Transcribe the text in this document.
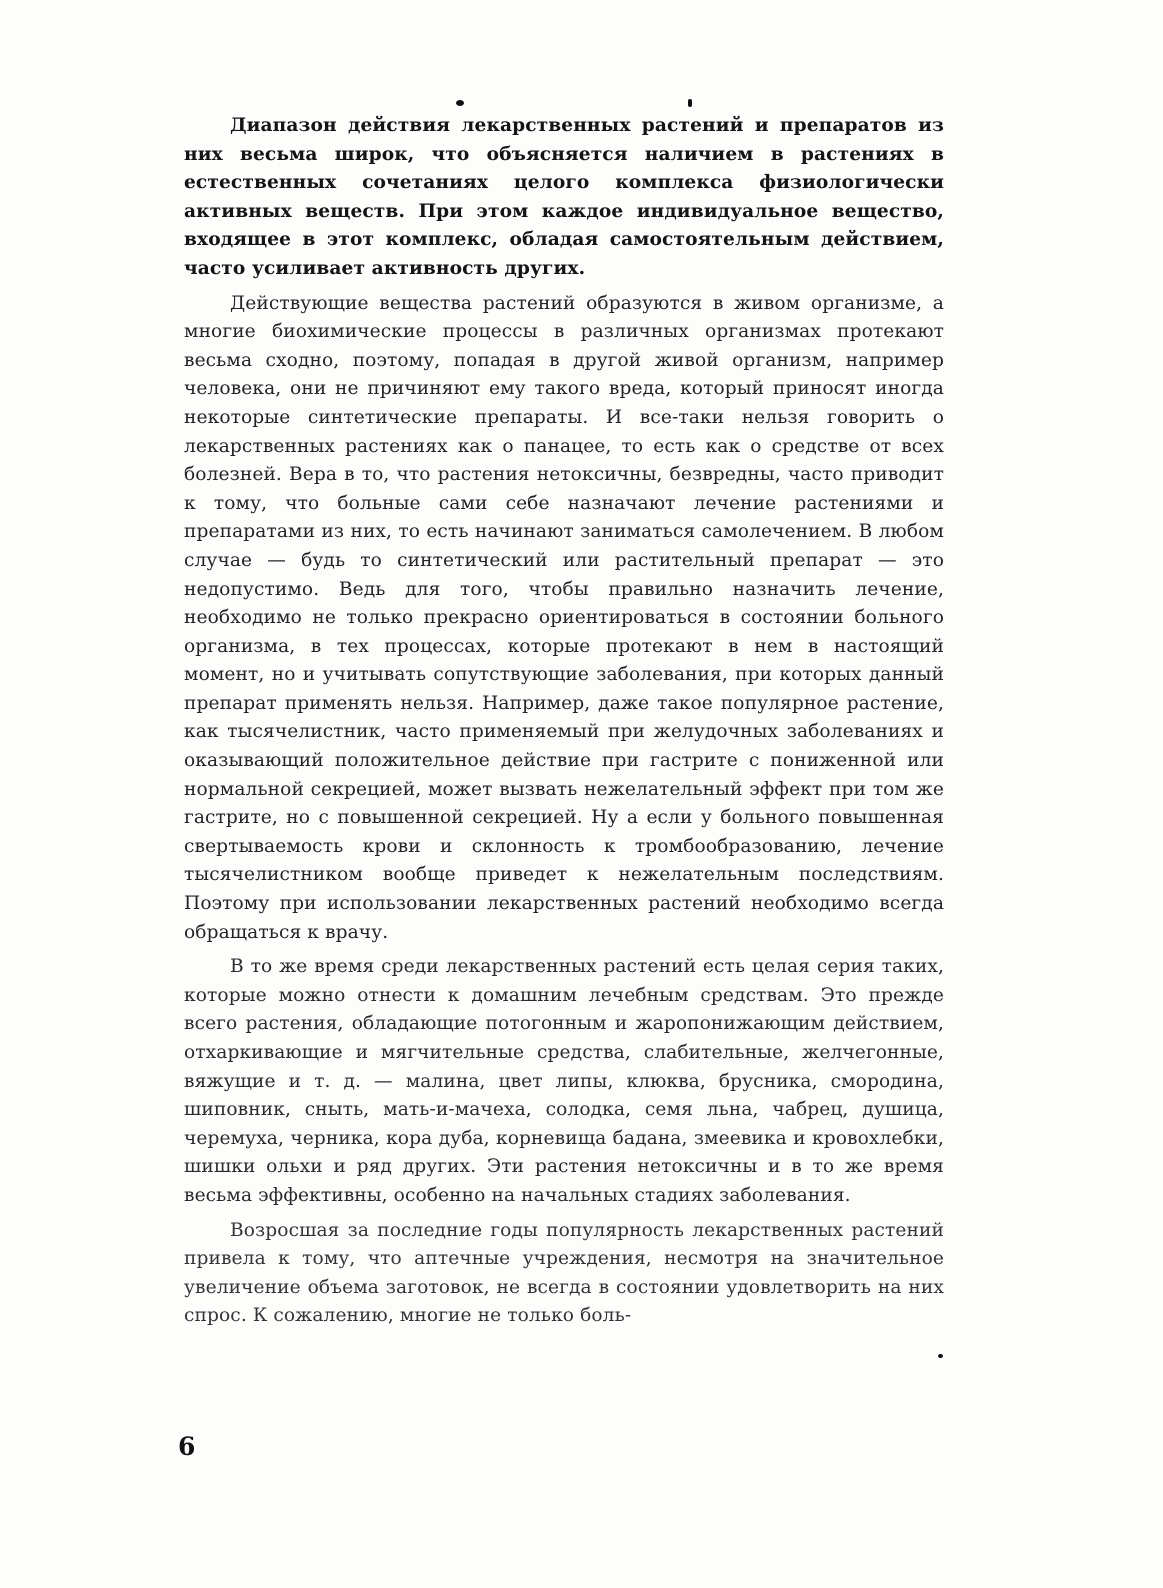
Диапазон действия лекарственных растений и препаратов из них весьма широк, что объясняется наличием в растениях в естественных сочетаниях целого комплекса физиологически активных веществ. При этом каждое индивидуальное вещество, входящее в этот комплекс, обладая самостоятельным действием, часто усиливает активность других.

Действующие вещества растений образуются в живом организме, а многие биохимические процессы в различных организмах протекают весьма сходно, поэтому, попадая в другой живой организм, например человека, они не причиняют ему такого вреда, который приносят иногда некоторые синтетические препараты. И все-таки нельзя говорить о лекарственных растениях как о панацее, то есть как о средстве от всех болезней. Вера в то, что растения нетоксичны, безвредны, часто приводит к тому, что больные сами себе назначают лечение растениями и препаратами из них, то есть начинают заниматься самолечением. В любом случае — будь то синтетический или растительный препарат — это недопустимо. Ведь для того, чтобы правильно назначить лечение, необходимо не только прекрасно ориентироваться в состоянии больного организма, в тех процессах, которые протекают в нем в настоящий момент, но и учитывать сопутствующие заболевания, при которых данный препарат применять нельзя. Например, даже такое популярное растение, как тысячелистник, часто применяемый при желудочных заболеваниях и оказывающий положительное действие при гастрите с пониженной или нормальной секрецией, может вызвать нежелательный эффект при том же гастрите, но с повышенной секрецией. Ну а если у больного повышенная свертываемость крови и склонность к тромбообразованию, лечение тысячелистником вообще приведет к нежелательным последствиям. Поэтому при использовании лекарственных растений необходимо всегда обращаться к врачу.

В то же время среди лекарственных растений есть целая серия таких, которые можно отнести к домашним лечебным средствам. Это прежде всего растения, обладающие потогонным и жаропонижающим действием, отхаркивающие и мягчительные средства, слабительные, желчегонные, вяжущие и т. д. — малина, цвет липы, клюква, брусника, смородина, шиповник, сныть, мать-и-мачеха, солодка, семя льна, чабрец, душица, черемуха, черника, кора дуба, корневища бадана, змеевика и кровохлебки, шишки ольхи и ряд других. Эти растения нетоксичны и в то же время весьма эффективны, особенно на начальных стадиях заболевания.

Возросшая за последние годы популярность лекарственных растений привела к тому, что аптечные учреждения, несмотря на значительное увеличение объема заготовок, не всегда в состоянии удовлетворить на них спрос. К сожалению, многие не только боль-

6
